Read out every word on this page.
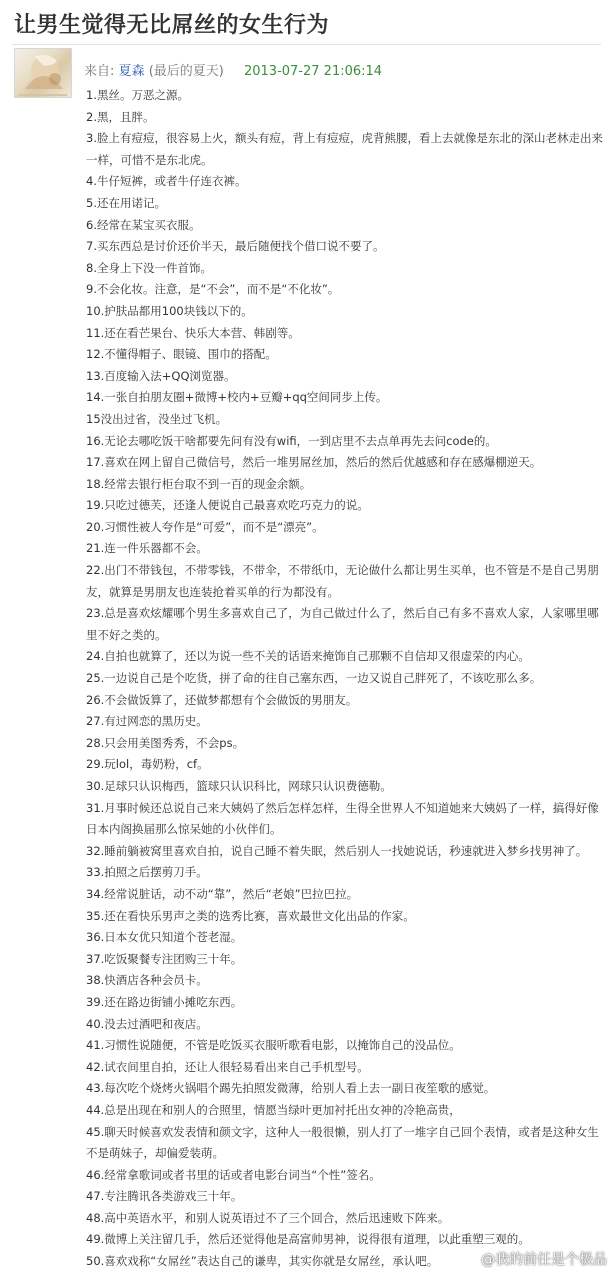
让男生觉得无比屌丝的女生行为
来自: 夏森 (最后的夏天) 2013-07-27 21:06:14

1.黑丝。万恶之源。

2.黑，且胖。

3.脸上有痘痘，很容易上火，额头有痘，背上有痘痘，虎背熊腰，看上去就像是东北的深山老林走出来一样，可惜不是东北虎。

4.牛仔短裤，或者牛仔连衣裤。

5.还在用诺记。

6.经常在某宝买衣服。

7.买东西总是讨价还价半天，最后随便找个借口说不要了。

8.全身上下没一件首饰。

9.不会化妆。注意，是“不会”，而不是“不化妆”。

10.护肤品都用100块钱以下的。

11.还在看芒果台、快乐大本营、韩剧等。

12.不懂得帽子、眼镜、围巾的搭配。

13.百度输入法+QQ浏览器。

14.一张自拍朋友圈+微博+校内+豆瓣+qq空间同步上传。

15没出过省，没坐过飞机。

16.无论去哪吃饭干啥都要先问有没有wifi，一到店里不去点单再先去问code的。

17.喜欢在网上留自己微信号，然后一堆男屌丝加，然后的然后优越感和存在感爆棚逆天。

18.经常去银行柜台取不到一百的现金余额。

19.只吃过德芙，还逢人便说自己最喜欢吃巧克力的说。

20.习惯性被人夸作是“可爱”，而不是“漂亮”。

21.连一件乐器都不会。

22.出门不带钱包，不带零钱，不带伞，不带纸巾，无论做什么都让男生买单，也不管是不是自己男朋友，就算是男朋友也连装抢着买单的行为都没有。

23.总是喜欢炫耀哪个男生多喜欢自己了，为自己做过什么了，然后自己有多不喜欢人家，人家哪里哪里不好之类的。

24.自拍也就算了，还以为说一些不关的话语来掩饰自己那颗不自信却又很虚荣的内心。

25.一边说自己是个吃货，拼了命的往自己塞东西，一边又说自己胖死了，不该吃那么多。

26.不会做饭算了，还做梦都想有个会做饭的男朋友。

27.有过网恋的黑历史。

28.只会用美图秀秀，不会ps。

29.玩lol，毒奶粉，cf。

30.足球只认识梅西，篮球只认识科比，网球只认识费德勒。

31.月事时候还总说自己来大姨妈了然后怎样怎样，生得全世界人不知道她来大姨妈了一样，搞得好像日本内阁换届那么惊呆她的小伙伴们。

32.睡前躺被窝里喜欢自拍，说自己睡不着失眠，然后别人一找她说话，秒速就进入梦乡找男神了。

33.拍照之后摆剪刀手。

34.经常说脏话，动不动“靠”，然后“老娘”巴拉巴拉。

35.还在看快乐男声之类的选秀比赛，喜欢最世文化出品的作家。

36.日本女优只知道个苍老湿。

37.吃饭聚餐专注团购三十年。

38.快酒店各种会员卡。

39.还在路边街铺小摊吃东西。

40.没去过酒吧和夜店。

41.习惯性说随便，不管是吃饭买衣服听歌看电影，以掩饰自己的没品位。

42.试衣间里自拍，还让人很轻易看出来自己手机型号。

43.每次吃个烧烤火锅唱个踢先拍照发微薄，给别人看上去一副日夜笙歌的感觉。

44.总是出现在和别人的合照里，情愿当绿叶更加衬托出女神的冷艳高贵，

45.聊天时候喜欢发表情和颜文字，这种人一般很懒，别人打了一堆字自己回个表情，或者是这种女生不是萌妹子，却偏爱装萌。

46.经常拿歌词或者书里的话或者电影台词当“个性”签名。

47.专注腾讯各类游戏三十年。

48.高中英语水平，和别人说英语过不了三个回合，然后迅速败下阵来。

49.微博上关注留几手，然后还觉得他是高富帅男神，说得很有道理，以此重塑三观的。

50.喜欢戏称“女屌丝”表达自己的谦卑，其实你就是女屌丝，承认吧。	@我的前任是个极品
